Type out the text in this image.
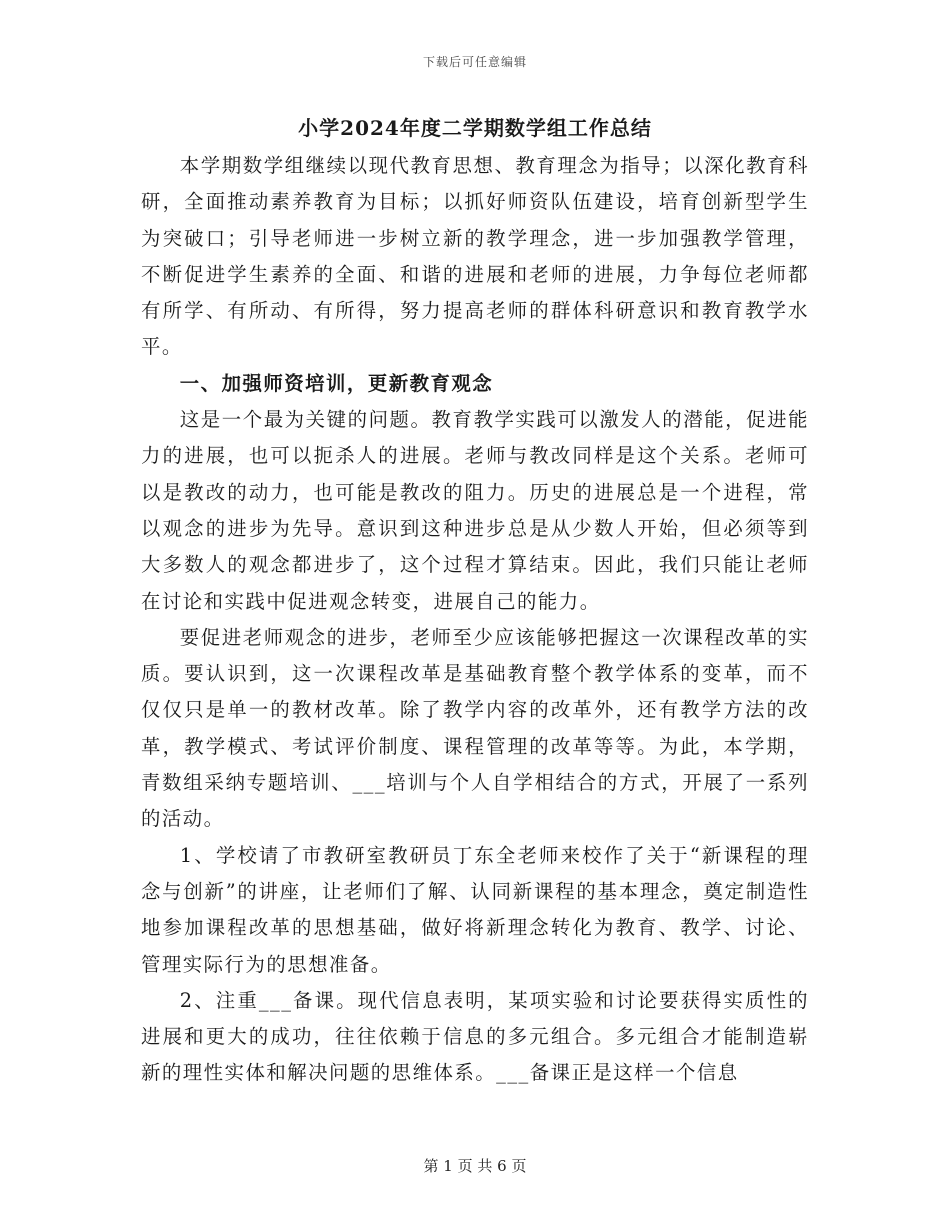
下载后可任意编辑
小学2024年度二学期数学组工作总结

本学期数学组继续以现代教育思想、教育理念为指导；以深化教育科研，全面推动素养教育为目标；以抓好师资队伍建设，培育创新型学生为突破口；引导老师进一步树立新的教学理念，进一步加强教学管理，不断促进学生素养的全面、和谐的进展和老师的进展，力争每位老师都有所学、有所动、有所得，努力提高老师的群体科研意识和教育教学水平。

一、加强师资培训，更新教育观念

这是一个最为关键的问题。教育教学实践可以激发人的潜能，促进能力的进展，也可以扼杀人的进展。老师与教改同样是这个关系。老师可以是教改的动力，也可能是教改的阻力。历史的进展总是一个进程，常以观念的进步为先导。意识到这种进步总是从少数人开始，但必须等到大多数人的观念都进步了，这个过程才算结束。因此，我们只能让老师在讨论和实践中促进观念转变，进展自己的能力。

要促进老师观念的进步，老师至少应该能够把握这一次课程改革的实质。要认识到，这一次课程改革是基础教育整个教学体系的变革，而不仅仅只是单一的教材改革。除了教学内容的改革外，还有教学方法的改革，教学模式、考试评价制度、课程管理的改革等等。为此，本学期，青数组采纳专题培训、___培训与个人自学相结合的方式，开展了一系列的活动。

1、学校请了市教研室教研员丁东全老师来校作了关于“新课程的理念与创新”的讲座，让老师们了解、认同新课程的基本理念，奠定制造性地参加课程改革的思想基础，做好将新理念转化为教育、教学、讨论、管理实际行为的思想准备。

2、注重___备课。现代信息表明，某项实验和讨论要获得实质性的进展和更大的成功，往往依赖于信息的多元组合。多元组合才能制造崭新的理性实体和解决问题的思维体系。___备课正是这样一个信息

第 1 页 共 6 页
